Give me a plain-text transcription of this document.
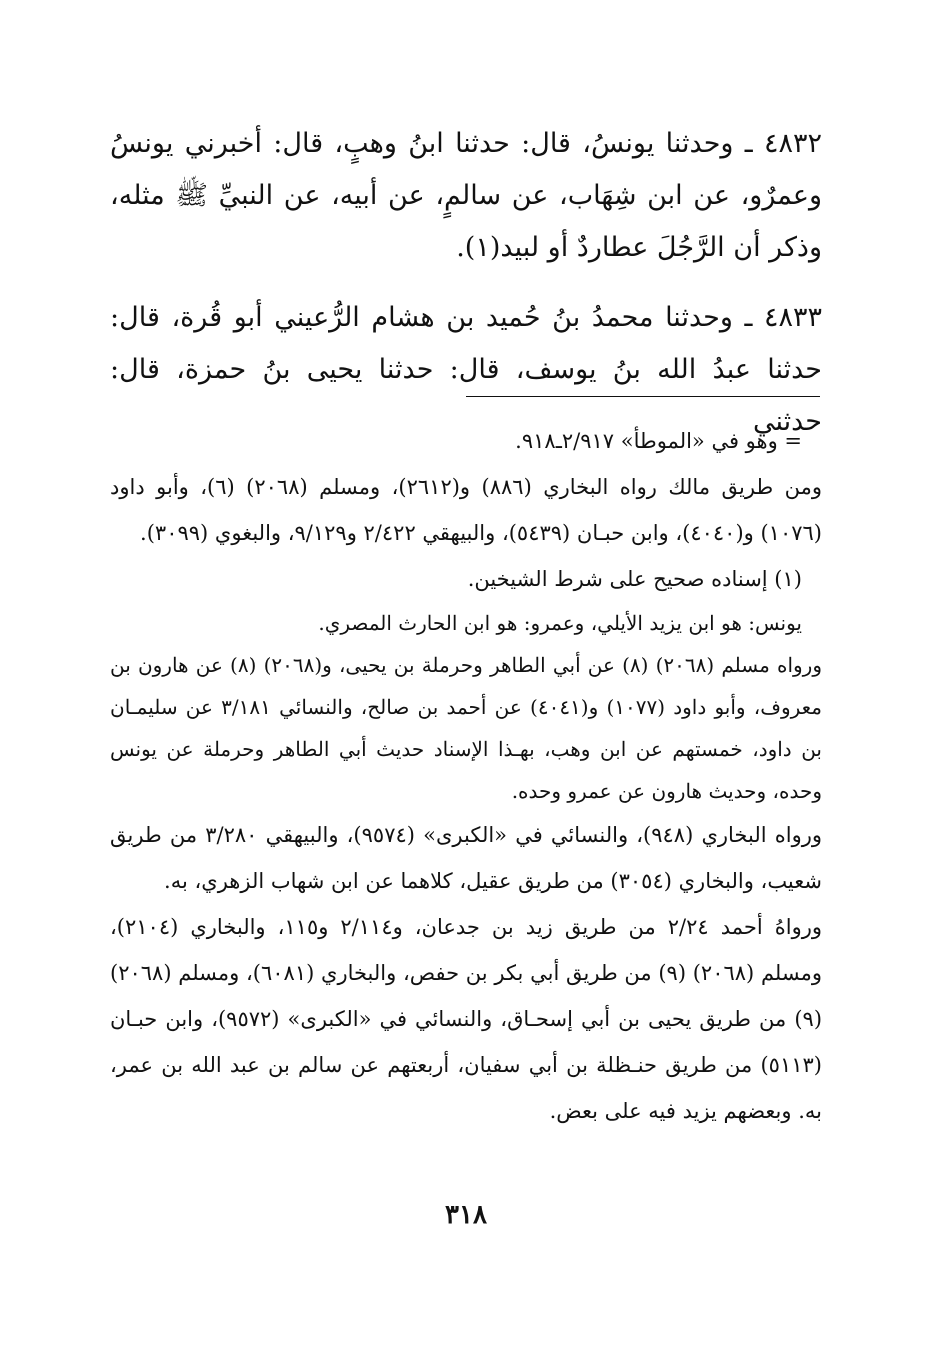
٤٨٣٢ ـ وحدثنا يونسُ، قال: حدثنا ابنُ وهبٍ، قال: أخبرني يونسُ وعمرٌو، عن ابن شِهَاب، عن سالمٍ، عن أبيه، عن النبيِّ ﷺ مثله، وذكر أن الرَّجُلَ عطاردٌ أو لبيد(١).

٤٨٣٣ ـ وحدثنا محمدُ بنُ حُميد بن هشام الرُّعيني أبو قُرة، قال: حدثنا عبدُ الله بنُ يوسف، قال: حدثنا يحيى بنُ حمزة، قال: حدثني

= وهو في «الموطأ» ٢/٩١٧ـ٩١٨.

ومن طريق مالك رواه البخاري (٨٨٦) و(٢٦١٢)، ومسلم (٢٠٦٨) (٦)، وأبو داود (١٠٧٦) و(٤٠٤٠)، وابن حبـان (٥٤٣٩)، والبيهقي ٢/٤٢٢ و٩/١٢٩، والبغوي (٣٠٩٩).

(١) إسناده صحيح على شرط الشيخين.

يونس: هو ابن يزيد الأيلي، وعمرو: هو ابن الحارث المصري.

ورواه مسلم (٢٠٦٨) (٨) عن أبي الطاهر وحرملة بن يحيى، و(٢٠٦٨) (٨) عن هارون بن معروف، وأبو داود (١٠٧٧) و(٤٠٤١) عن أحمد بن صالح، والنسائي ٣/١٨١ عن سليمـان بن داود، خمستهم عن ابن وهب، بهـذا الإسناد حديث أبي الطاهر وحرملة عن يونس وحده، وحديث هارون عن عمرو وحده.

ورواه البخاري (٩٤٨)، والنسائي في «الكبرى» (٩٥٧٤)، والبيهقي ٣/٢٨٠ من طريق شعيب، والبخاري (٣٠٥٤) من طريق عقيل، كلاهما عن ابن شهاب الزهري، به.

ورواهُ أحمد ٢/٢٤ من طريق زيد بن جدعان، و٢/١١٤ و١١٥، والبخاري (٢١٠٤)، ومسلم (٢٠٦٨) (٩) من طريق أبي بكر بن حفص، والبخاري (٦٠٨١)، ومسلم (٢٠٦٨) (٩) من طريق يحيى بن أبي إسحـاق، والنسائي في «الكبرى» (٩٥٧٢)، وابن حبـان (٥١١٣) من طريق حنـظلة بن أبي سفيان، أربعتهم عن سالم بن عبد الله بن عمر، به. وبعضهم يزيد فيه على بعض.

٣١٨
